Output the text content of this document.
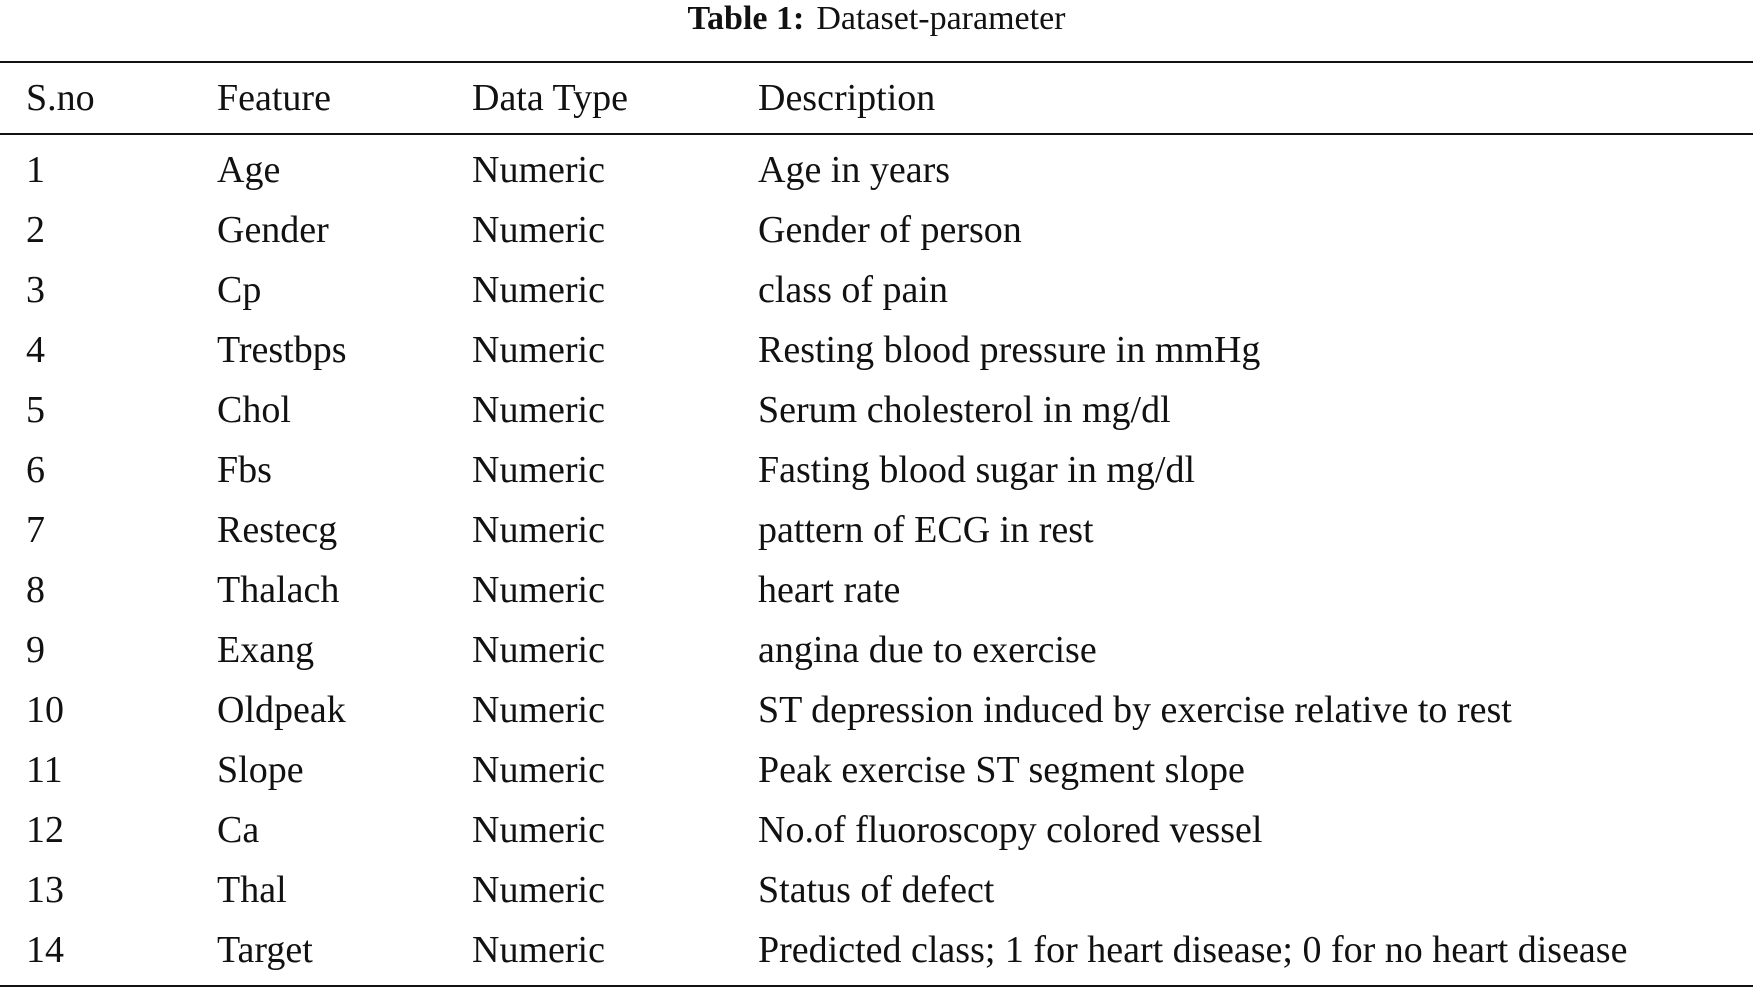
Table 1: Dataset-parameter
S.no	Feature	Data Type	Description
1	Age	Numeric	Age in years
2	Gender	Numeric	Gender of person
3	Cp	Numeric	class of pain
4	Trestbps	Numeric	Resting blood pressure in mmHg
5	Chol	Numeric	Serum cholesterol in mg/dl
6	Fbs	Numeric	Fasting blood sugar in mg/dl
7	Restecg	Numeric	pattern of ECG in rest
8	Thalach	Numeric	heart rate
9	Exang	Numeric	angina due to exercise
10	Oldpeak	Numeric	ST depression induced by exercise relative to rest
11	Slope	Numeric	Peak exercise ST segment slope
12	Ca	Numeric	No.of fluoroscopy colored vessel
13	Thal	Numeric	Status of defect
14	Target	Numeric	Predicted class; 1 for heart disease; 0 for no heart disease
